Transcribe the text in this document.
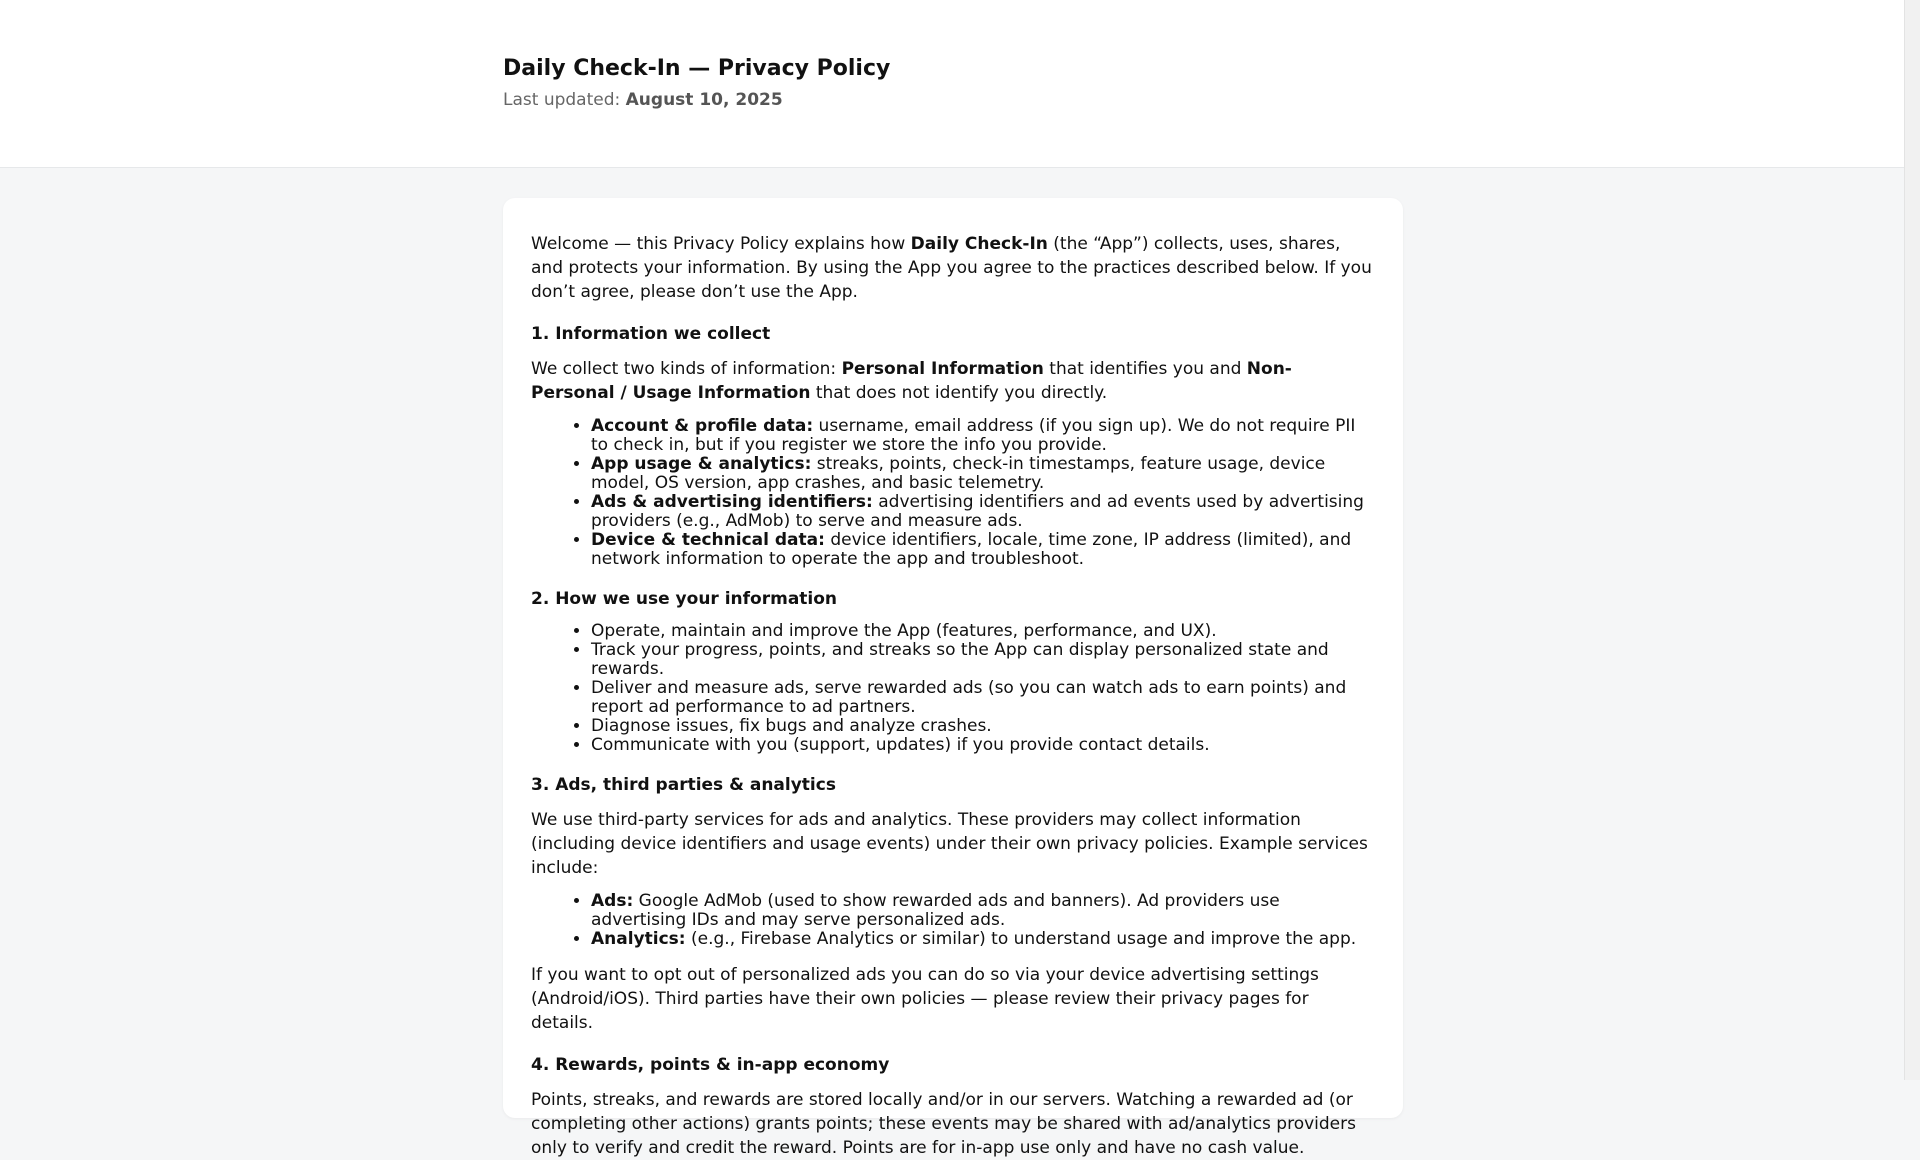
Daily Check-In — Privacy Policy
Last updated: August 10, 2025

Welcome — this Privacy Policy explains how Daily Check-In (the “App”) collects, uses, shares, and protects your information. By using the App you agree to the practices described below. If you don’t agree, please don’t use the App.

1. Information we collect

We collect two kinds of information: Personal Information that identifies you and Non-Personal / Usage Information that does not identify you directly.

• Account & profile data: username, email address (if you sign up). We do not require PII to check in, but if you register we store the info you provide.
• App usage & analytics: streaks, points, check-in timestamps, feature usage, device model, OS version, app crashes, and basic telemetry.
• Ads & advertising identifiers: advertising identifiers and ad events used by advertising providers (e.g., AdMob) to serve and measure ads.
• Device & technical data: device identifiers, locale, time zone, IP address (limited), and network information to operate the app and troubleshoot.
2. How we use your information
• Operate, maintain and improve the App (features, performance, and UX).
• Track your progress, points, and streaks so the App can display personalized state and rewards.
• Deliver and measure ads, serve rewarded ads (so you can watch ads to earn points) and report ad performance to ad partners.
• Diagnose issues, fix bugs and analyze crashes.
• Communicate with you (support, updates) if you provide contact details.
3. Ads, third parties & analytics

We use third-party services for ads and analytics. These providers may collect information (including device identifiers and usage events) under their own privacy policies. Example services include:

• Ads: Google AdMob (used to show rewarded ads and banners). Ad providers use advertising IDs and may serve personalized ads.
• Analytics: (e.g., Firebase Analytics or similar) to understand usage and improve the app.

If you want to opt out of personalized ads you can do so via your device advertising settings (Android/iOS). Third parties have their own policies — please review their privacy pages for details.

4. Rewards, points & in-app economy

Points, streaks, and rewards are stored locally and/or in our servers. Watching a rewarded ad (or completing other actions) grants points; these events may be shared with ad/analytics providers only to verify and credit the reward. Points are for in-app use only and have no cash value.
